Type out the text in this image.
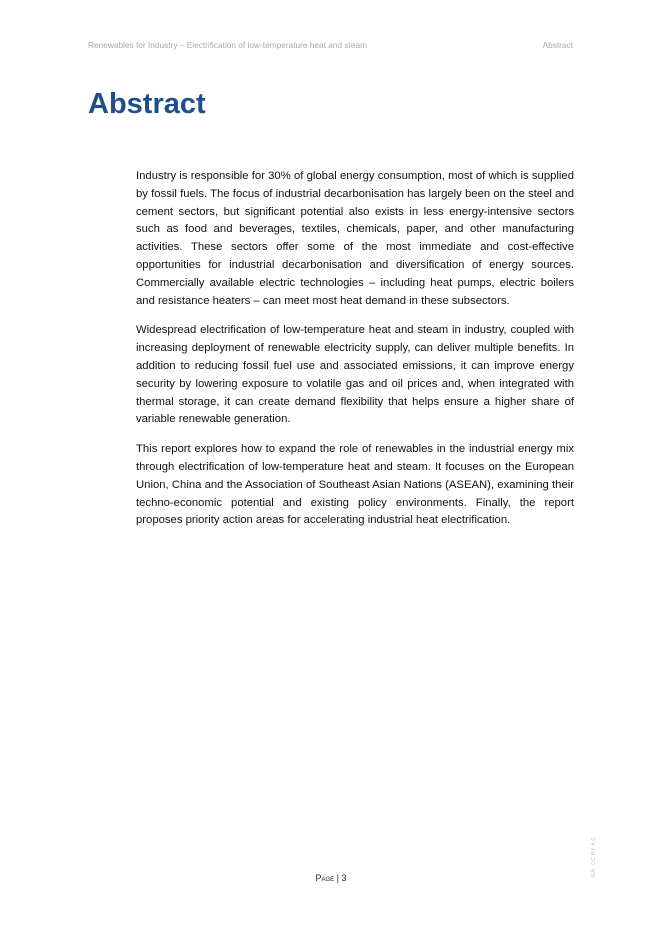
Renewables for Industry – Electrification of low-temperature heat and steam	Abstract
Abstract

Industry is responsible for 30% of global energy consumption, most of which is supplied by fossil fuels. The focus of industrial decarbonisation has largely been on the steel and cement sectors, but significant potential also exists in less energy-intensive sectors such as food and beverages, textiles, chemicals, paper, and other manufacturing activities. These sectors offer some of the most immediate and cost-effective opportunities for industrial decarbonisation and diversification of energy sources. Commercially available electric technologies – including heat pumps, electric boilers and resistance heaters – can meet most heat demand in these subsectors.

Widespread electrification of low-temperature heat and steam in industry, coupled with increasing deployment of renewable electricity supply, can deliver multiple benefits. In addition to reducing fossil fuel use and associated emissions, it can improve energy security by lowering exposure to volatile gas and oil prices and, when integrated with thermal storage, it can create demand flexibility that helps ensure a higher share of variable renewable generation.

This report explores how to expand the role of renewables in the industrial energy mix through electrification of low-temperature heat and steam. It focuses on the European Union, China and the Association of Southeast Asian Nations (ASEAN), examining their techno-economic potential and existing policy environments. Finally, the report proposes priority action areas for accelerating industrial heat electrification.

Page | 3	IEA. CC BY 4.0.
